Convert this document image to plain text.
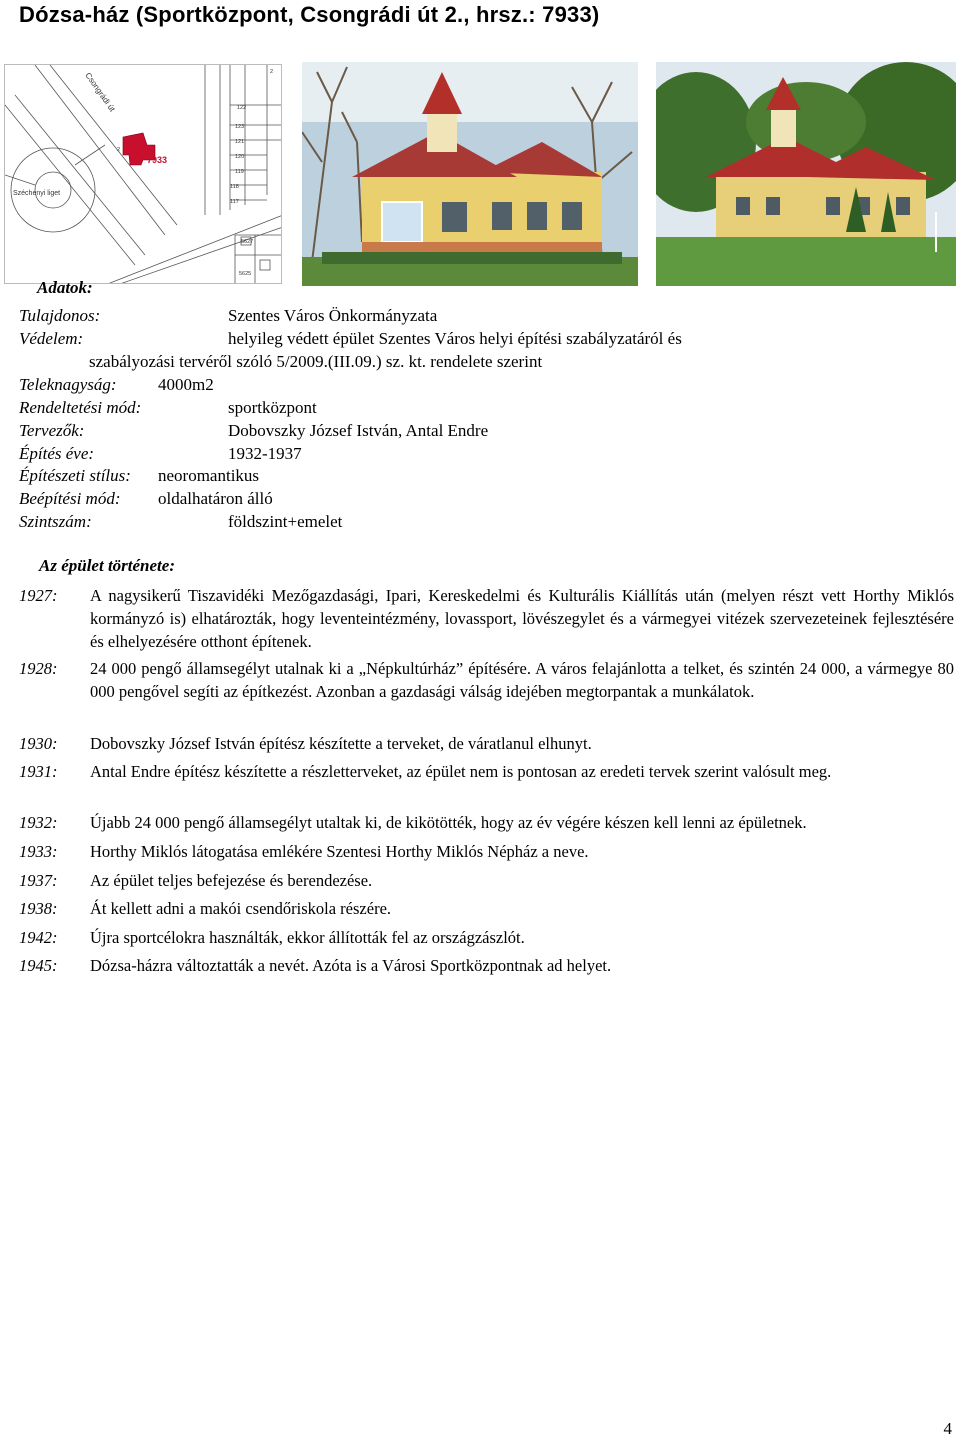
Dózsa-ház (Sportközpont, Csongrádi út 2., hrsz.: 7933)
7933
Csongrádi út
Széchenyi liget
122
123
121
120
119
118
117
2
5627
5625
2
Adatok:
Tulajdonos:	Szentes Város Önkormányzata
Védelem:	helyileg védett épület Szentes Város helyi építési szabályzatáról és
szabályozási tervéről szóló 5/2009.(III.09.) sz. kt. rendelete szerint
Teleknagyság: 4000m2
Rendeltetési mód:	sportközpont
Tervezők:	Dobovszky József István, Antal Endre
Építés éve:	1932-1937
Építészeti stílus: neoromantikus
Beépítési mód: oldalhatáron álló
Szintszám:	földszint+emelet
Az épület története:
1927: A nagysikerű Tiszavidéki Mezőgazdasági, Ipari, Kereskedelmi és Kulturális Kiállítás után (melyen részt vett Horthy Miklós kormányzó is) elhatározták, hogy leventeintézmény, lovassport, lövészegylet és a vármegyei vitézek szervezeteinek fejlesztésére és elhelyezésére otthont építenek.
1928: 24 000 pengő államsegélyt utalnak ki a „Népkultúrház” építésére. A város felajánlotta a telket, és szintén 24 000, a vármegye 80 000 pengővel segíti az építkezést. Azonban a gazdasági válság idejében megtorpantak a munkálatok.
1930: Dobovszky József István építész készítette a terveket, de váratlanul elhunyt.
1931: Antal Endre építész készítette a részletterveket, az épület nem is pontosan az eredeti tervek szerint valósult meg.
1932: Újabb 24 000 pengő államsegélyt utaltak ki, de kikötötték, hogy az év végére készen kell lenni az épületnek.
1933: Horthy Miklós látogatása emlékére Szentesi Horthy Miklós Népház a neve.
1937: Az épület teljes befejezése és berendezése.
1938: Át kellett adni a makói csendőriskola részére.
1942: Újra sportcélokra használták, ekkor állították fel az országzászlót.
1945: Dózsa-házra változtatták a nevét. Azóta is a Városi Sportközpontnak ad helyet.
4
